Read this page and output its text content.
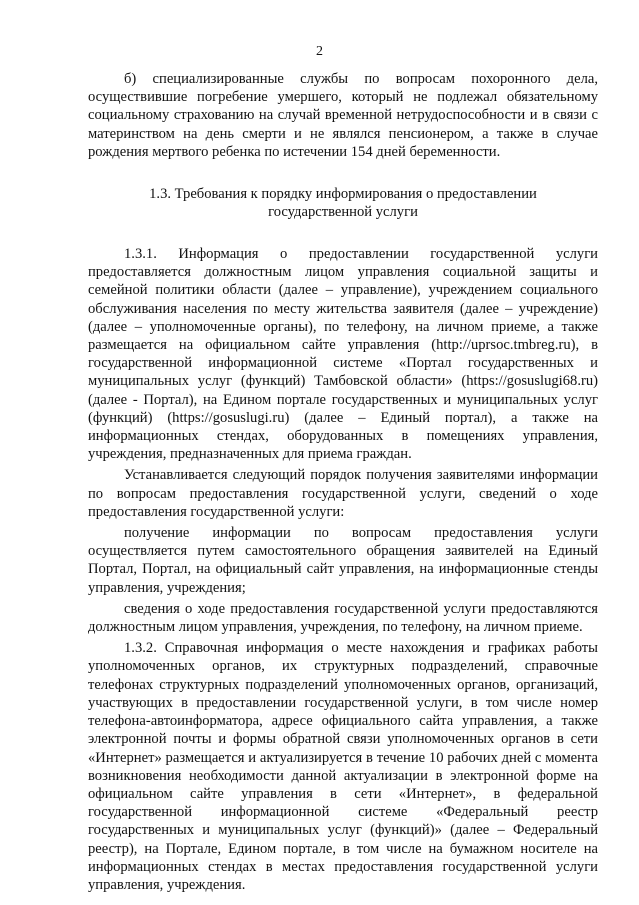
2

б) специализированные службы по вопросам похоронного дела, осуществившие погребение умершего, который не подлежал обязательному социальному страхованию на случай временной нетрудоспособности и в связи с материнством на день смерти и не являлся пенсионером, а также в случае рождения мертвого ребенка по истечении 154 дней беременности.

1.3. Требования к порядку информирования о предоставлении
государственной услуги

1.3.1. Информация о предоставлении государственной услуги предоставляется должностным лицом управления социальной защиты и семейной политики области (далее – управление), учреждением социального обслуживания населения по месту жительства заявителя (далее – учреждение) (далее – уполномоченные органы), по телефону, на личном приеме, а также размещается на официальном сайте управления (http://uprsoc.tmbreg.ru), в государственной информационной системе «Портал государственных и муниципальных услуг (функций) Тамбовской области» (https://gosuslugi68.ru) (далее - Портал), на Едином портале государственных и муниципальных услуг (функций) (https://gosuslugi.ru) (далее – Единый портал), а также на информационных стендах, оборудованных в помещениях управления, учреждения, предназначенных для приема граждан.

Устанавливается следующий порядок получения заявителями информации по вопросам предоставления государственной услуги, сведений о ходе предоставления государственной услуги:

получение информации по вопросам предоставления услуги осуществляется путем самостоятельного обращения заявителей на Единый Портал, Портал, на официальный сайт управления, на информационные стенды управления, учреждения;

сведения о ходе предоставления государственной услуги предоставляются должностным лицом управления, учреждения, по телефону, на личном приеме.

1.3.2. Справочная информация о месте нахождения и графиках работы уполномоченных органов, их структурных подразделений, справочные телефонах структурных подразделений уполномоченных органов, организаций, участвующих в предоставлении государственной услуги, в том числе номер телефона-автоинформатора, адресе официального сайта управления, а также электронной почты и формы обратной связи уполномоченных органов в сети «Интернет» размещается и актуализируется в течение 10 рабочих дней с момента возникновения необходимости данной актуализации в электронной форме на официальном сайте управления в сети «Интернет», в федеральной государственной информационной системе «Федеральный реестр государственных и муниципальных услуг (функций)» (далее – Федеральный реестр), на Портале, Едином портале, в том числе на бумажном носителе на информационных стендах в местах предоставления государственной услуги управления, учреждения.
